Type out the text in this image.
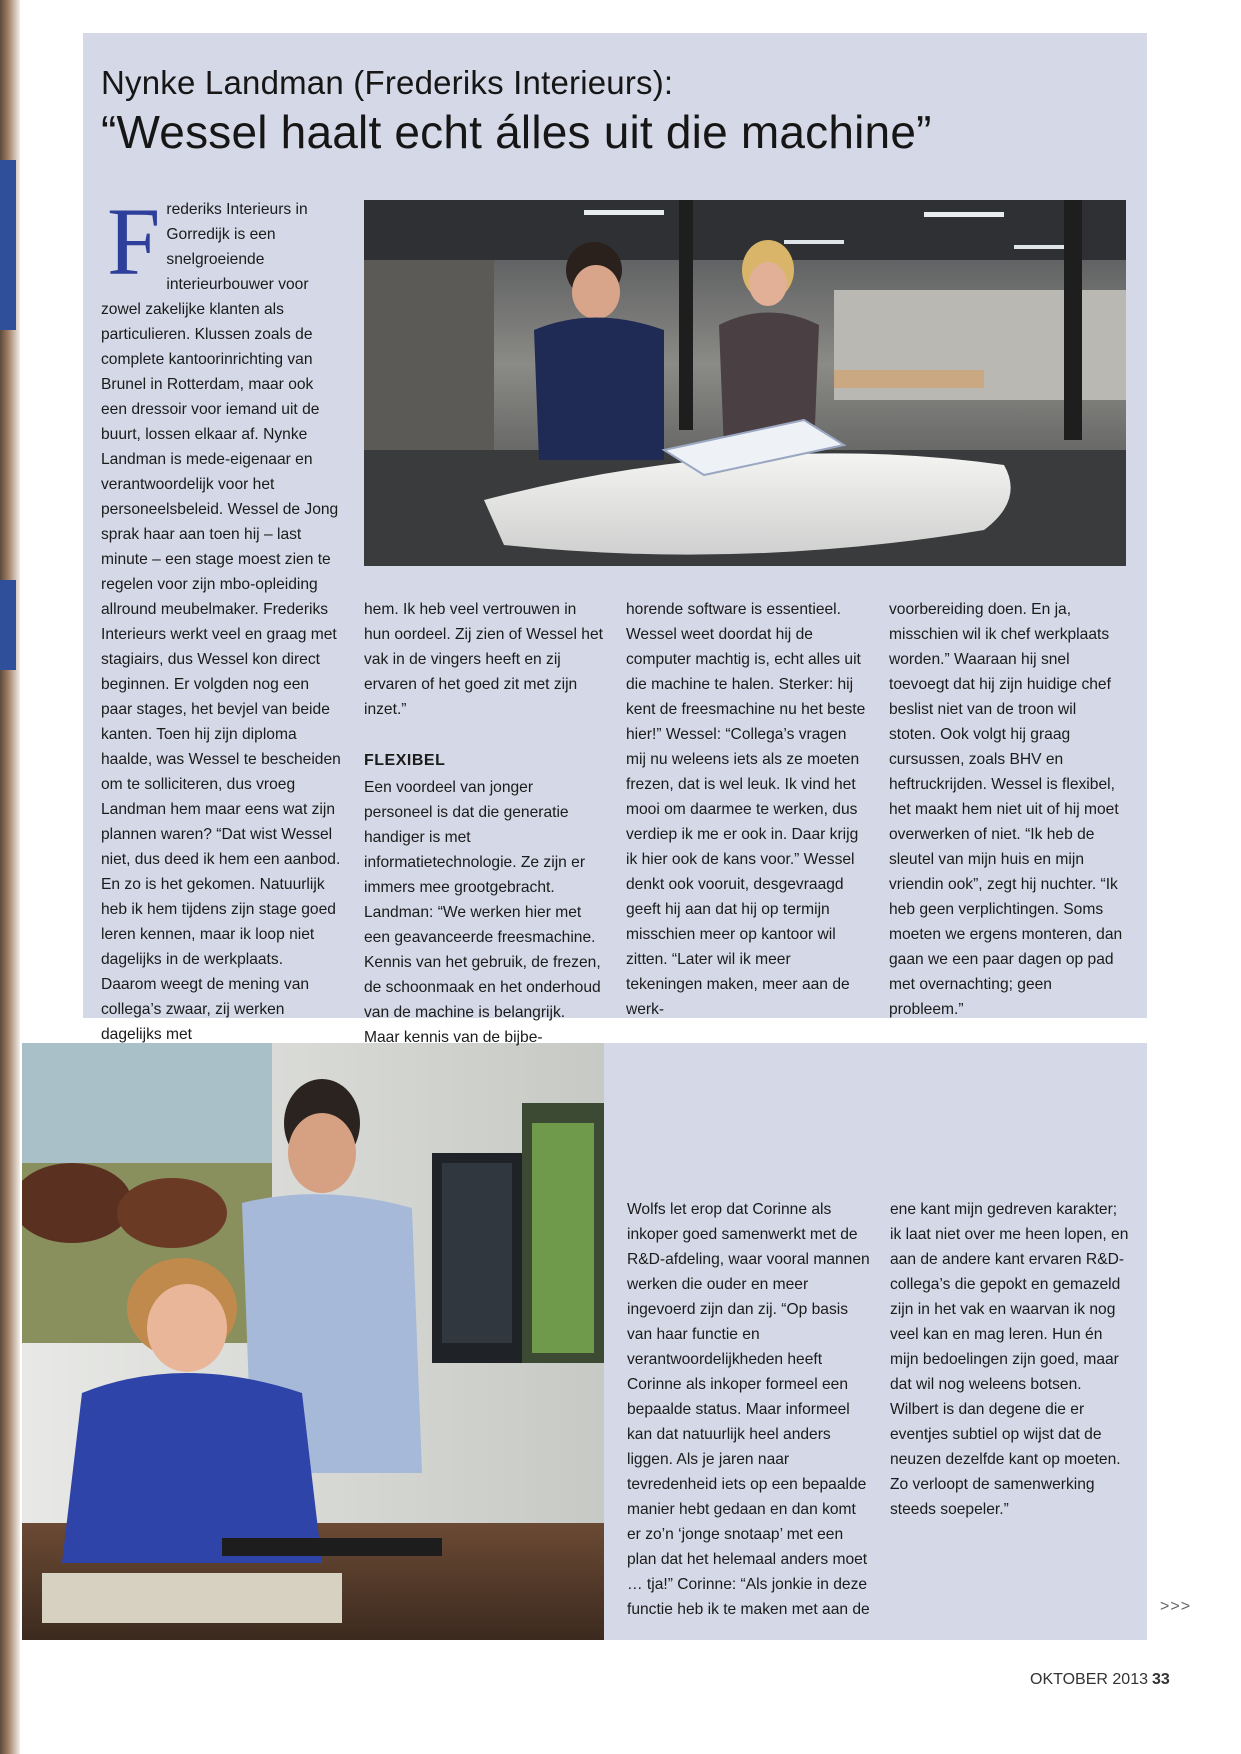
Nynke Landman (Frederiks Interieurs):
“Wessel haalt echt álles uit die machine”
F rederiks Interieurs in Gorredijk is een snelgroeiende interieurbouwer voor zowel zakelijke klanten als particulieren. Klussen zoals de complete kantoorinrichting van Brunel in Rotterdam, maar ook een dressoir voor iemand uit de buurt, lossen elkaar af. Nynke Landman is mede-eigenaar en verantwoordelijk voor het personeelsbeleid. Wessel de Jong sprak haar aan toen hij – last minute – een stage moest zien te regelen voor zijn mbo-opleiding allround meubelmaker. Frederiks Interieurs werkt veel en graag met stagiairs, dus Wessel kon direct beginnen. Er volgden nog een paar stages, het bevjel van beide kanten. Toen hij zijn diploma haalde, was Wessel te bescheiden om te solliciteren, dus vroeg Landman hem maar eens wat zijn plannen waren? “Dat wist Wessel niet, dus deed ik hem een aanbod. En zo is het gekomen. Natuurlijk heb ik hem tijdens zijn stage goed leren kennen, maar ik loop niet dagelijks in de werkplaats. Daarom weegt de mening van collega’s zwaar, zij werken dagelijks met

hem. Ik heb veel vertrouwen in hun oordeel. Zij zien of Wessel het vak in de vingers heeft en zij ervaren of het goed zit met zijn inzet.”

FLEXIBEL

Een voordeel van jonger personeel is dat die generatie handiger is met informatietechnologie. Ze zijn er immers mee grootgebracht. Landman: “We werken hier met een geavanceerde freesmachine. Kennis van het gebruik, de frezen, de schoonmaak en het onderhoud van de machine is belangrijk. Maar kennis van de bijbe-

horende software is essentieel. Wessel weet doordat hij de computer machtig is, echt alles uit die machine te halen. Sterker: hij kent de freesmachine nu het beste hier!” Wessel: “Collega’s vragen mij nu weleens iets als ze moeten frezen, dat is wel leuk. Ik vind het mooi om daarmee te werken, dus verdiep ik me er ook in. Daar krijg ik hier ook de kans voor.” Wessel denkt ook vooruit, desgevraagd geeft hij aan dat hij op termijn misschien meer op kantoor wil zitten. “Later wil ik meer tekeningen maken, meer aan de werk-

voorbereiding doen. En ja, misschien wil ik chef werkplaats worden.” Waaraan hij snel toevoegt dat hij zijn huidige chef beslist niet van de troon wil stoten. Ook volgt hij graag cursussen, zoals BHV en heftruckrijden. Wessel is flexibel, het maakt hem niet uit of hij moet overwerken of niet. “Ik heb de sleutel van mijn huis en mijn vriendin ook”, zegt hij nuchter. “Ik heb geen verplichtingen. Soms moeten we ergens monteren, dan gaan we een paar dagen op pad met overnachting; geen probleem.”

Wolfs let erop dat Corinne als inkoper goed samenwerkt met de R&D-afdeling, waar vooral mannen werken die ouder en meer ingevoerd zijn dan zij. “Op basis van haar functie en verantwoordelijkheden heeft Corinne als inkoper formeel een bepaalde status. Maar informeel kan dat natuurlijk heel anders liggen. Als je jaren naar tevredenheid iets op een bepaalde manier hebt gedaan en dan komt er zo’n ‘jonge snotaap’ met een plan dat het helemaal anders moet … tja!” Corinne: “Als jonkie in deze functie heb ik te maken met aan de

ene kant mijn gedreven karakter; ik laat niet over me heen lopen, en aan de andere kant ervaren R&D-collega’s die gepokt en gemazeld zijn in het vak en waarvan ik nog veel kan en mag leren. Hun én mijn bedoelingen zijn goed, maar dat wil nog weleens botsen. Wilbert is dan degene die er eventjes subtiel op wijst dat de neuzen dezelfde kant op moeten. Zo verloopt de samenwerking steeds soepeler.”

>>>
OKTOBER 2013 33
